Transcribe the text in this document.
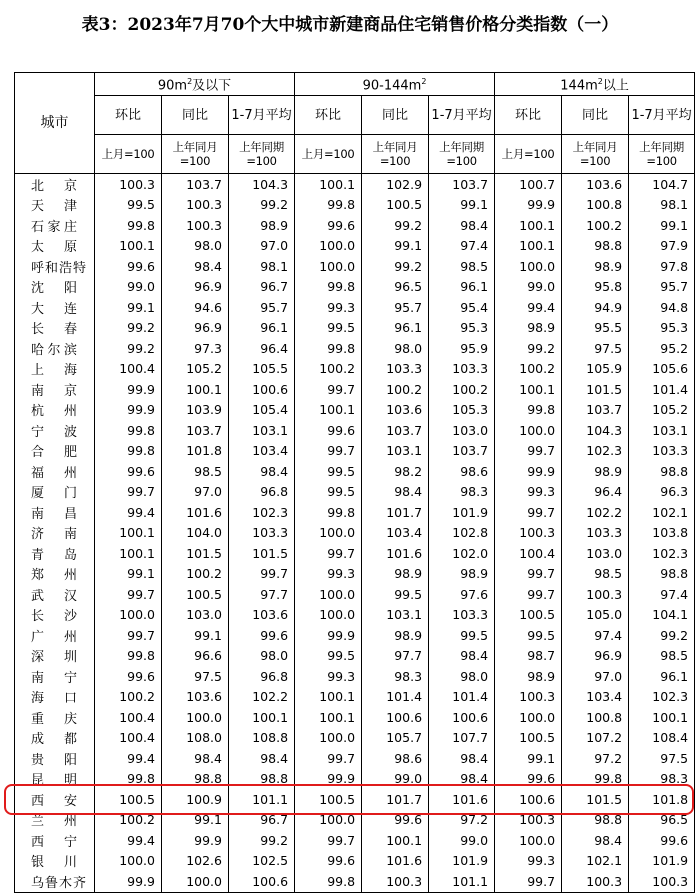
表3：2023年7月70个大中城市新建商品住宅销售价格分类指数（一）
城市	$90m^2$及以下			$90-144m^2$			$144m^2$以上		
	环比	同比	1-7月平均	环比	同比	1-7月平均	环比	同比	1-7月平均
	上月=100	上年同月=100	上年同期=100	上月=100	上年同月=100	上年同期=100	上月=100	上年同月=100	上年同期=100
北京	100.3	103.7	104.3	100.1	102.9	103.7	100.7	103.6	104.7
天津	99.5	100.3	99.2	99.8	100.5	99.1	99.9	100.8	98.1
石家庄	99.8	100.3	98.9	99.6	99.2	98.4	100.1	100.2	99.1
太原	100.1	98.0	97.0	100.0	99.1	97.4	100.1	98.8	97.9
呼和浩特	99.6	98.4	98.1	100.0	99.2	98.5	100.0	98.9	97.8
沈阳	99.0	96.9	96.7	99.8	96.5	96.1	99.0	95.8	95.7
大连	99.1	94.6	95.7	99.3	95.7	95.4	99.4	94.9	94.8
长春	99.2	96.9	96.1	99.5	96.1	95.3	98.9	95.5	95.3
哈尔滨	99.2	97.3	96.4	99.8	98.0	95.9	99.2	97.5	95.2
上海	100.4	105.2	105.5	100.2	103.3	103.3	100.2	105.9	105.6
南京	99.9	100.1	100.6	99.7	100.2	100.2	100.1	101.5	101.4
杭州	99.9	103.9	105.4	100.1	103.6	105.3	99.8	103.7	105.2
宁波	99.8	103.7	103.1	99.6	103.7	103.0	100.0	104.3	103.1
合肥	99.8	101.8	103.4	99.7	103.1	103.7	99.7	102.3	103.3
福州	99.6	98.5	98.4	99.5	98.2	98.6	99.9	98.9	98.8
厦门	99.7	97.0	96.8	99.5	98.4	98.3	99.3	96.4	96.3
南昌	99.4	101.6	102.3	99.8	101.7	101.9	99.7	102.2	102.1
济南	100.1	104.0	103.3	100.0	103.4	102.8	100.3	103.3	103.8
青岛	100.1	101.5	101.5	99.7	101.6	102.0	100.4	103.0	102.3
郑州	99.1	100.2	99.7	99.3	98.9	98.9	99.7	98.5	98.8
武汉	99.7	100.5	97.7	100.0	99.5	97.6	99.7	100.3	97.4
长沙	100.0	103.0	103.6	100.0	103.1	103.3	100.5	105.0	104.1
广州	99.7	99.1	99.6	99.9	98.9	99.5	99.5	97.4	99.2
深圳	99.8	96.6	98.0	99.5	97.7	98.4	98.7	96.9	98.5
南宁	99.6	97.5	96.8	99.3	98.3	98.0	98.9	97.0	96.1
海口	100.2	103.6	102.2	100.1	101.4	101.4	100.3	103.4	102.3
重庆	100.4	100.0	100.1	100.1	100.6	100.6	100.0	100.8	100.1
成都	100.4	108.0	108.8	100.0	105.7	107.7	100.5	107.2	108.4
贵阳	99.4	98.4	98.4	99.7	98.6	98.4	99.1	97.2	97.5
昆明	99.8	98.8	98.8	99.9	99.0	98.4	99.6	99.8	98.3
西安	100.5	100.9	101.1	100.5	101.7	101.6	100.6	101.5	101.8
兰州	100.2	99.1	96.7	100.0	99.6	97.2	100.3	98.8	96.5
西宁	99.4	99.9	99.2	99.7	100.1	99.0	100.0	98.4	99.6
银川	100.0	102.6	102.5	99.6	101.6	101.9	99.3	102.1	101.9
乌鲁木齐	99.9	100.0	100.6	99.8	100.3	101.1	99.7	100.3	100.3
